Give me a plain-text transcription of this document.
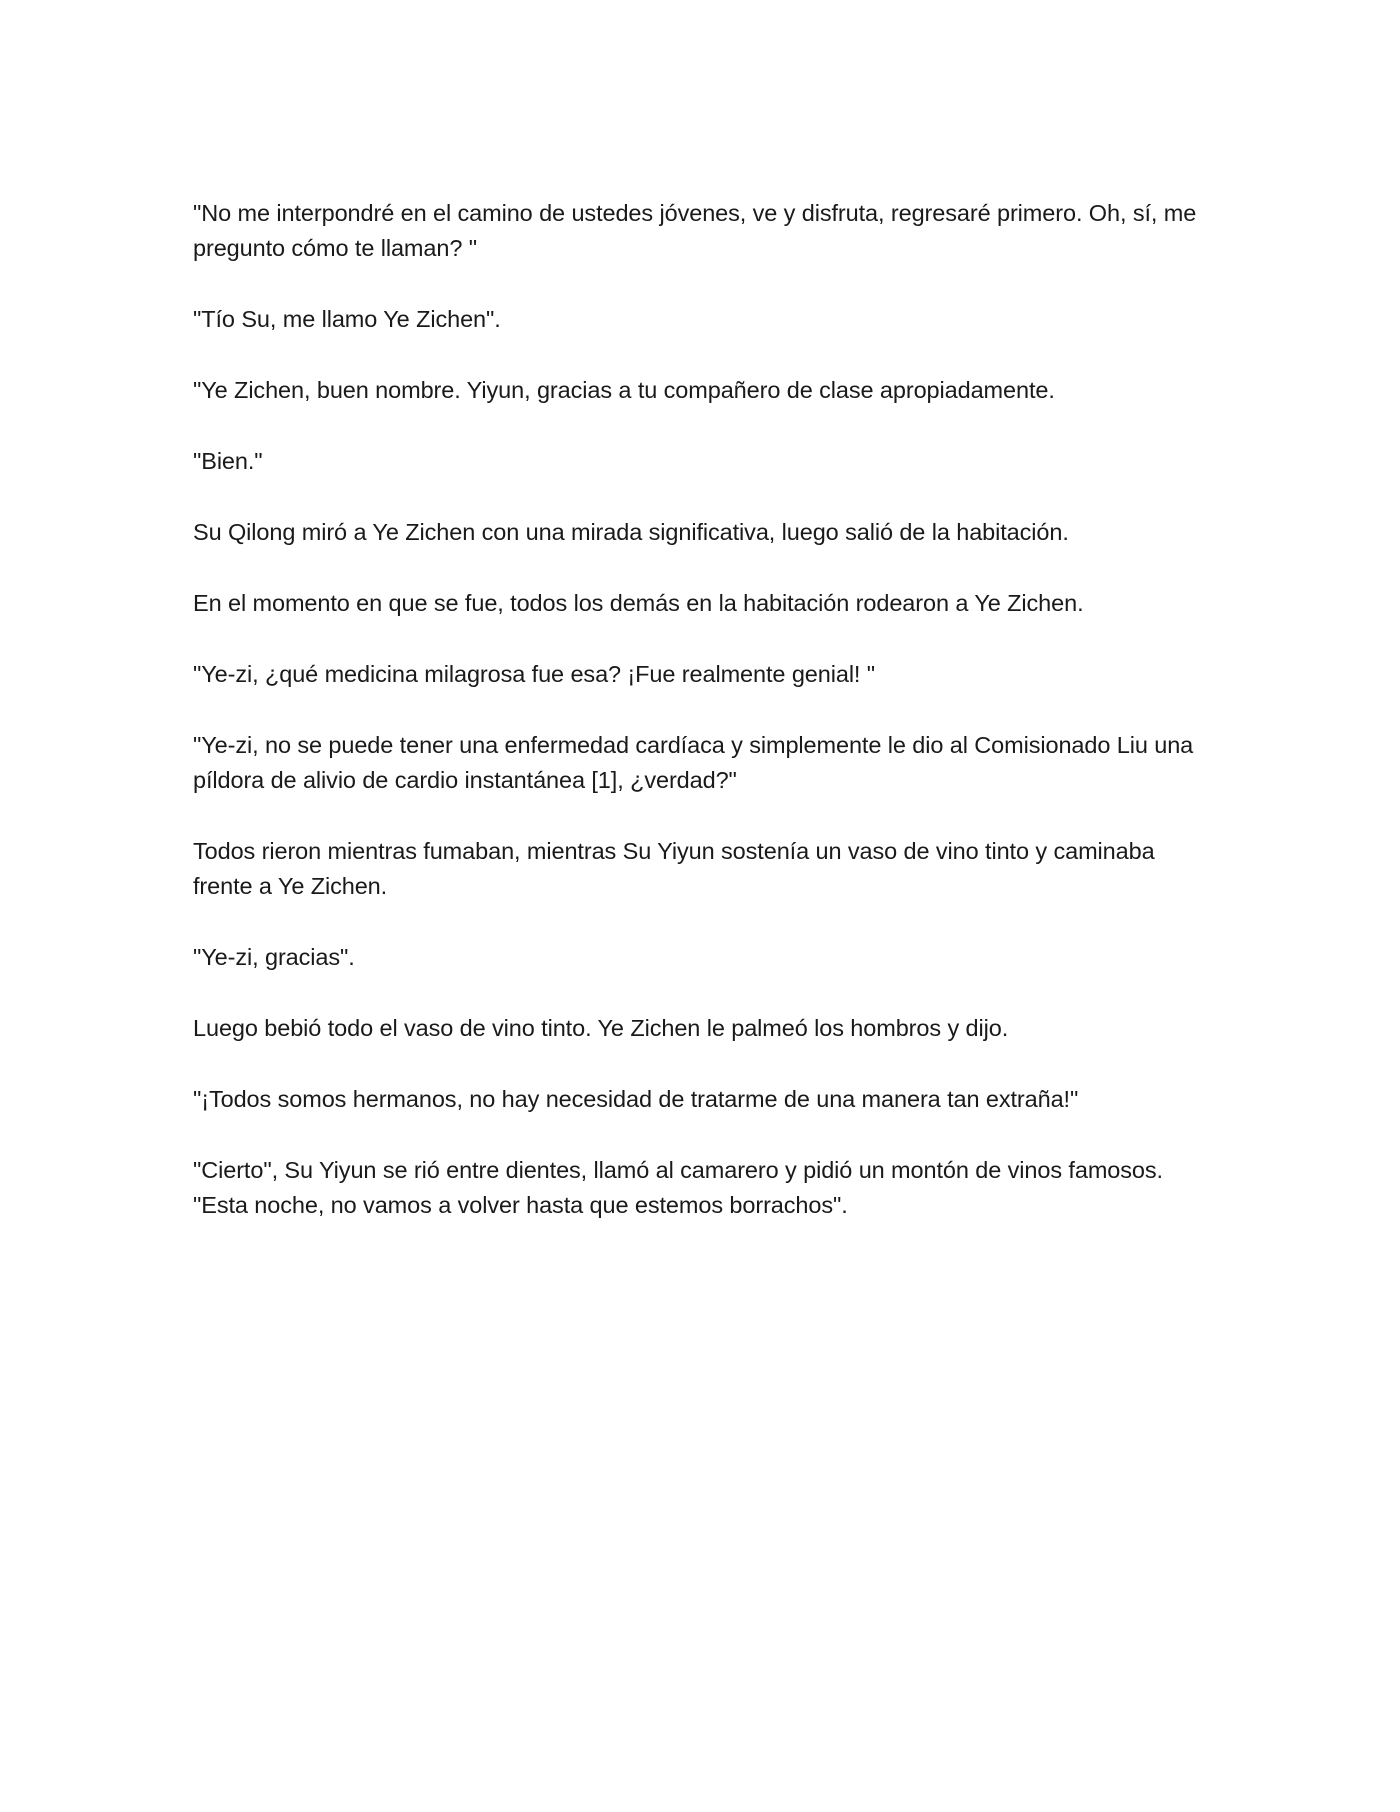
"No me interpondré en el camino de ustedes jóvenes, ve y disfruta, regresaré primero. Oh, sí, me pregunto cómo te llaman? "

"Tío Su, me llamo Ye Zichen".

"Ye Zichen, buen nombre. Yiyun, gracias a tu compañero de clase apropiadamente.

"Bien."

Su Qilong miró a Ye Zichen con una mirada significativa, luego salió de la habitación.

En el momento en que se fue, todos los demás en la habitación rodearon a Ye Zichen.

"Ye-zi, ¿qué medicina milagrosa fue esa? ¡Fue realmente genial! "

"Ye-zi, no se puede tener una enfermedad cardíaca y simplemente le dio al Comisionado Liu una píldora de alivio de cardio instantánea [1], ¿verdad?"

Todos rieron mientras fumaban, mientras Su Yiyun sostenía un vaso de vino tinto y caminaba frente a Ye Zichen.

"Ye-zi, gracias".

Luego bebió todo el vaso de vino tinto. Ye Zichen le palmeó los hombros y dijo.

"¡Todos somos hermanos, no hay necesidad de tratarme de una manera tan extraña!"

"Cierto", Su Yiyun se rió entre dientes, llamó al camarero y pidió un montón de vinos famosos. "Esta noche, no vamos a volver hasta que estemos borrachos".
